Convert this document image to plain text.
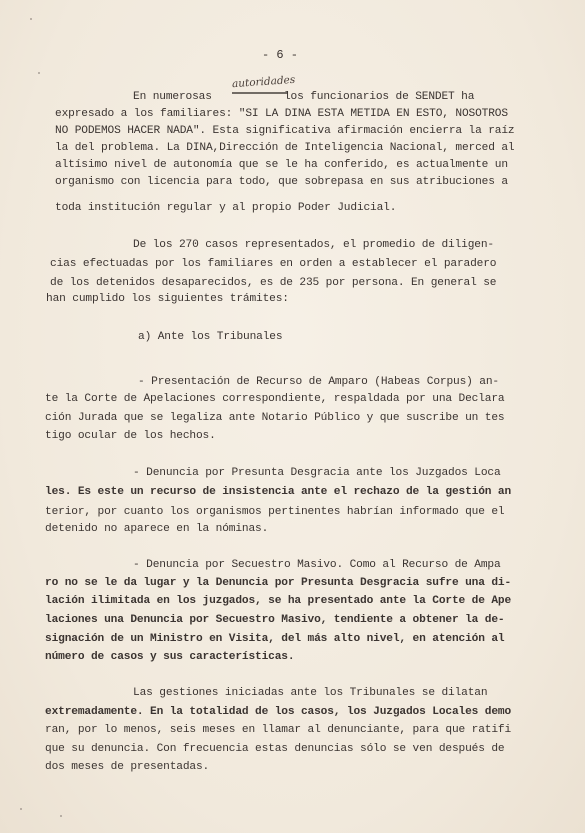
- 6 -
autoridades
En numerosas           los funcionarios de SENDET ha
expresado a los familiares: "SI LA DINA ESTA METIDA EN ESTO, NOSOTROS
NO PODEMOS HACER NADA". Esta significativa afirmación encierra la raíz
la del problema. La DINA,Dirección de Inteligencia Nacional, merced al
altísimo nivel de autonomía que se le ha conferido, es actualmente un
organismo con licencia para todo, que sobrepasa en sus atribuciones a
toda institución regular y al propio Poder Judicial.
De los 270 casos representados, el promedio de diligen-
cias efectuadas por los familiares en orden a establecer el paradero
de los detenidos desaparecidos, es de 235 por persona. En general se
han cumplido los siguientes trámites:
a) Ante los Tribunales
- Presentación de Recurso de Amparo (Habeas Corpus) an-
te la Corte de Apelaciones correspondiente, respaldada por una Declara
ción Jurada que se legaliza ante Notario Público y que suscribe un tes
tigo ocular de los hechos.
- Denuncia por Presunta Desgracia ante los Juzgados Loca
les. Es este un recurso de insistencia ante el rechazo de la gestión an
terior, por cuanto los organismos pertinentes habrían informado que el
detenido no aparece en la nóminas.
- Denuncia por Secuestro Masivo. Como al Recurso de Ampa
ro no se le da lugar y la Denuncia por Presunta Desgracia sufre una di-
lación ilimitada en los juzgados, se ha presentado ante la Corte de Ape
laciones una Denuncia por Secuestro Masivo, tendiente a obtener la de-
signación de un Ministro en Visita, del más alto nivel, en atención al
número de casos y sus características.
Las gestiones iniciadas ante los Tribunales se dilatan
extremadamente. En la totalidad de los casos, los Juzgados Locales demo
ran, por lo menos, seis meses en llamar al denunciante, para que ratifi
que su denuncia. Con frecuencia estas denuncias sólo se ven después de
dos meses de presentadas.
